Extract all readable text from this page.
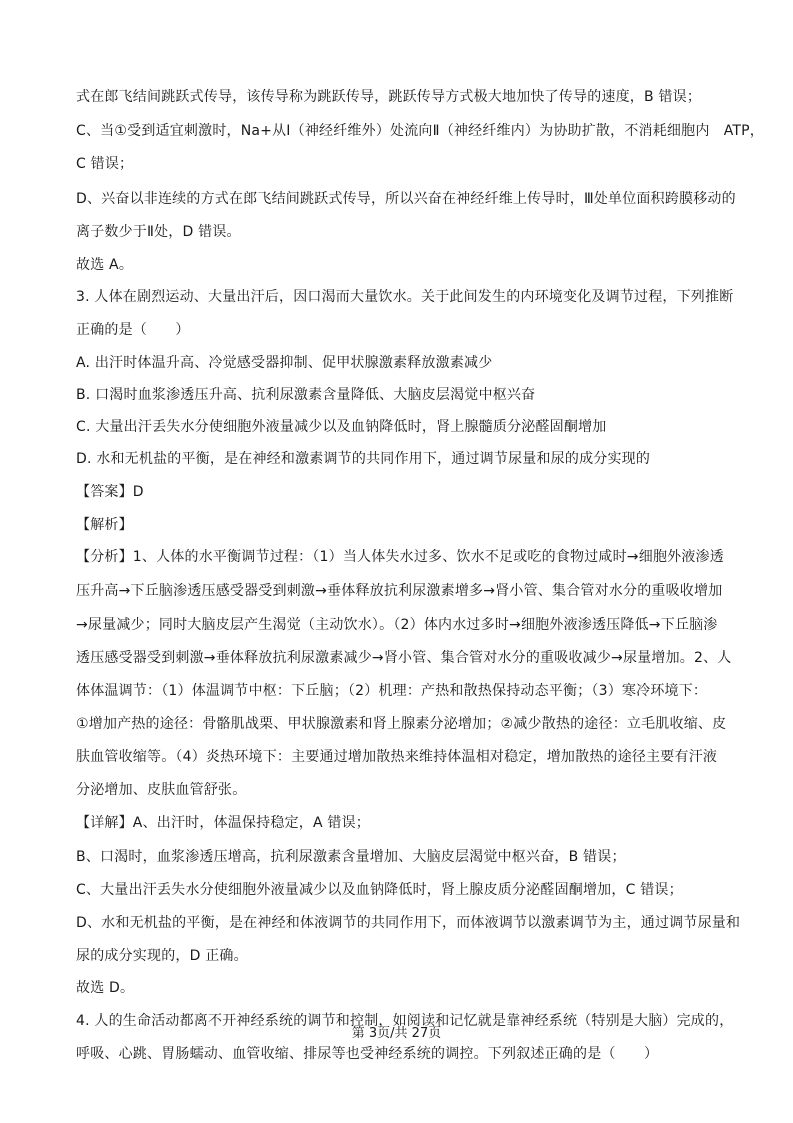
式在郎飞结间跳跃式传导，该传导称为跳跃传导，跳跃传导方式极大地加快了传导的速度，B 错误；
C、当①受到适宜刺激时，Na+从Ⅰ（神经纤维外）处流向Ⅱ（神经纤维内）为协助扩散，不消耗细胞内　ATP，
C 错误；
D、兴奋以非连续的方式在郎飞结间跳跃式传导，所以兴奋在神经纤维上传导时，Ⅲ处单位面积跨膜移动的
离子数少于Ⅱ处，D 错误。
故选 A。
3. 人体在剧烈运动、大量出汗后，因口渴而大量饮水。关于此间发生的内环境变化及调节过程，下列推断
正确的是（　　）
A. 出汗时体温升高、冷觉感受器抑制、促甲状腺激素释放激素减少
B. 口渴时血浆渗透压升高、抗利尿激素含量降低、大脑皮层渴觉中枢兴奋
C. 大量出汗丢失水分使细胞外液量减少以及血钠降低时，肾上腺髓质分泌醛固酮增加
D. 水和无机盐的平衡，是在神经和激素调节的共同作用下，通过调节尿量和尿的成分实现的
【答案】D
【解析】
【分析】1、人体的水平衡调节过程：（1）当人体失水过多、饮水不足或吃的食物过咸时→细胞外液渗透
压升高→下丘脑渗透压感受器受到刺激→垂体释放抗利尿激素增多→肾小管、集合管对水分的重吸收增加
→尿量减少；同时大脑皮层产生渴觉（主动饮水）。（2）体内水过多时→细胞外液渗透压降低→下丘脑渗
透压感受器受到刺激→垂体释放抗利尿激素减少→肾小管、集合管对水分的重吸收减少→尿量增加。2、人
体体温调节：（1）体温调节中枢：下丘脑；（2）机理：产热和散热保持动态平衡；（3）寒冷环境下：
①增加产热的途径：骨骼肌战栗、甲状腺激素和肾上腺素分泌增加；②减少散热的途径：立毛肌收缩、皮
肤血管收缩等。（4）炎热环境下：主要通过增加散热来维持体温相对稳定，增加散热的途径主要有汗液
分泌增加、皮肤血管舒张。
【详解】A、出汗时，体温保持稳定，A 错误；
B、口渴时，血浆渗透压增高，抗利尿激素含量增加、大脑皮层渴觉中枢兴奋，B 错误；
C、大量出汗丢失水分使细胞外液量减少以及血钠降低时，肾上腺皮质分泌醛固酮增加，C 错误；
D、水和无机盐的平衡，是在神经和体液调节的共同作用下，而体液调节以激素调节为主，通过调节尿量和
尿的成分实现的，D 正确。
故选 D。
4. 人的生命活动都离不开神经系统的调节和控制，如阅读和记忆就是靠神经系统（特别是大脑）完成的，
呼吸、心跳、胃肠蠕动、血管收缩、排尿等也受神经系统的调控。下列叙述正确的是（　　）
第 3页/共 27页
